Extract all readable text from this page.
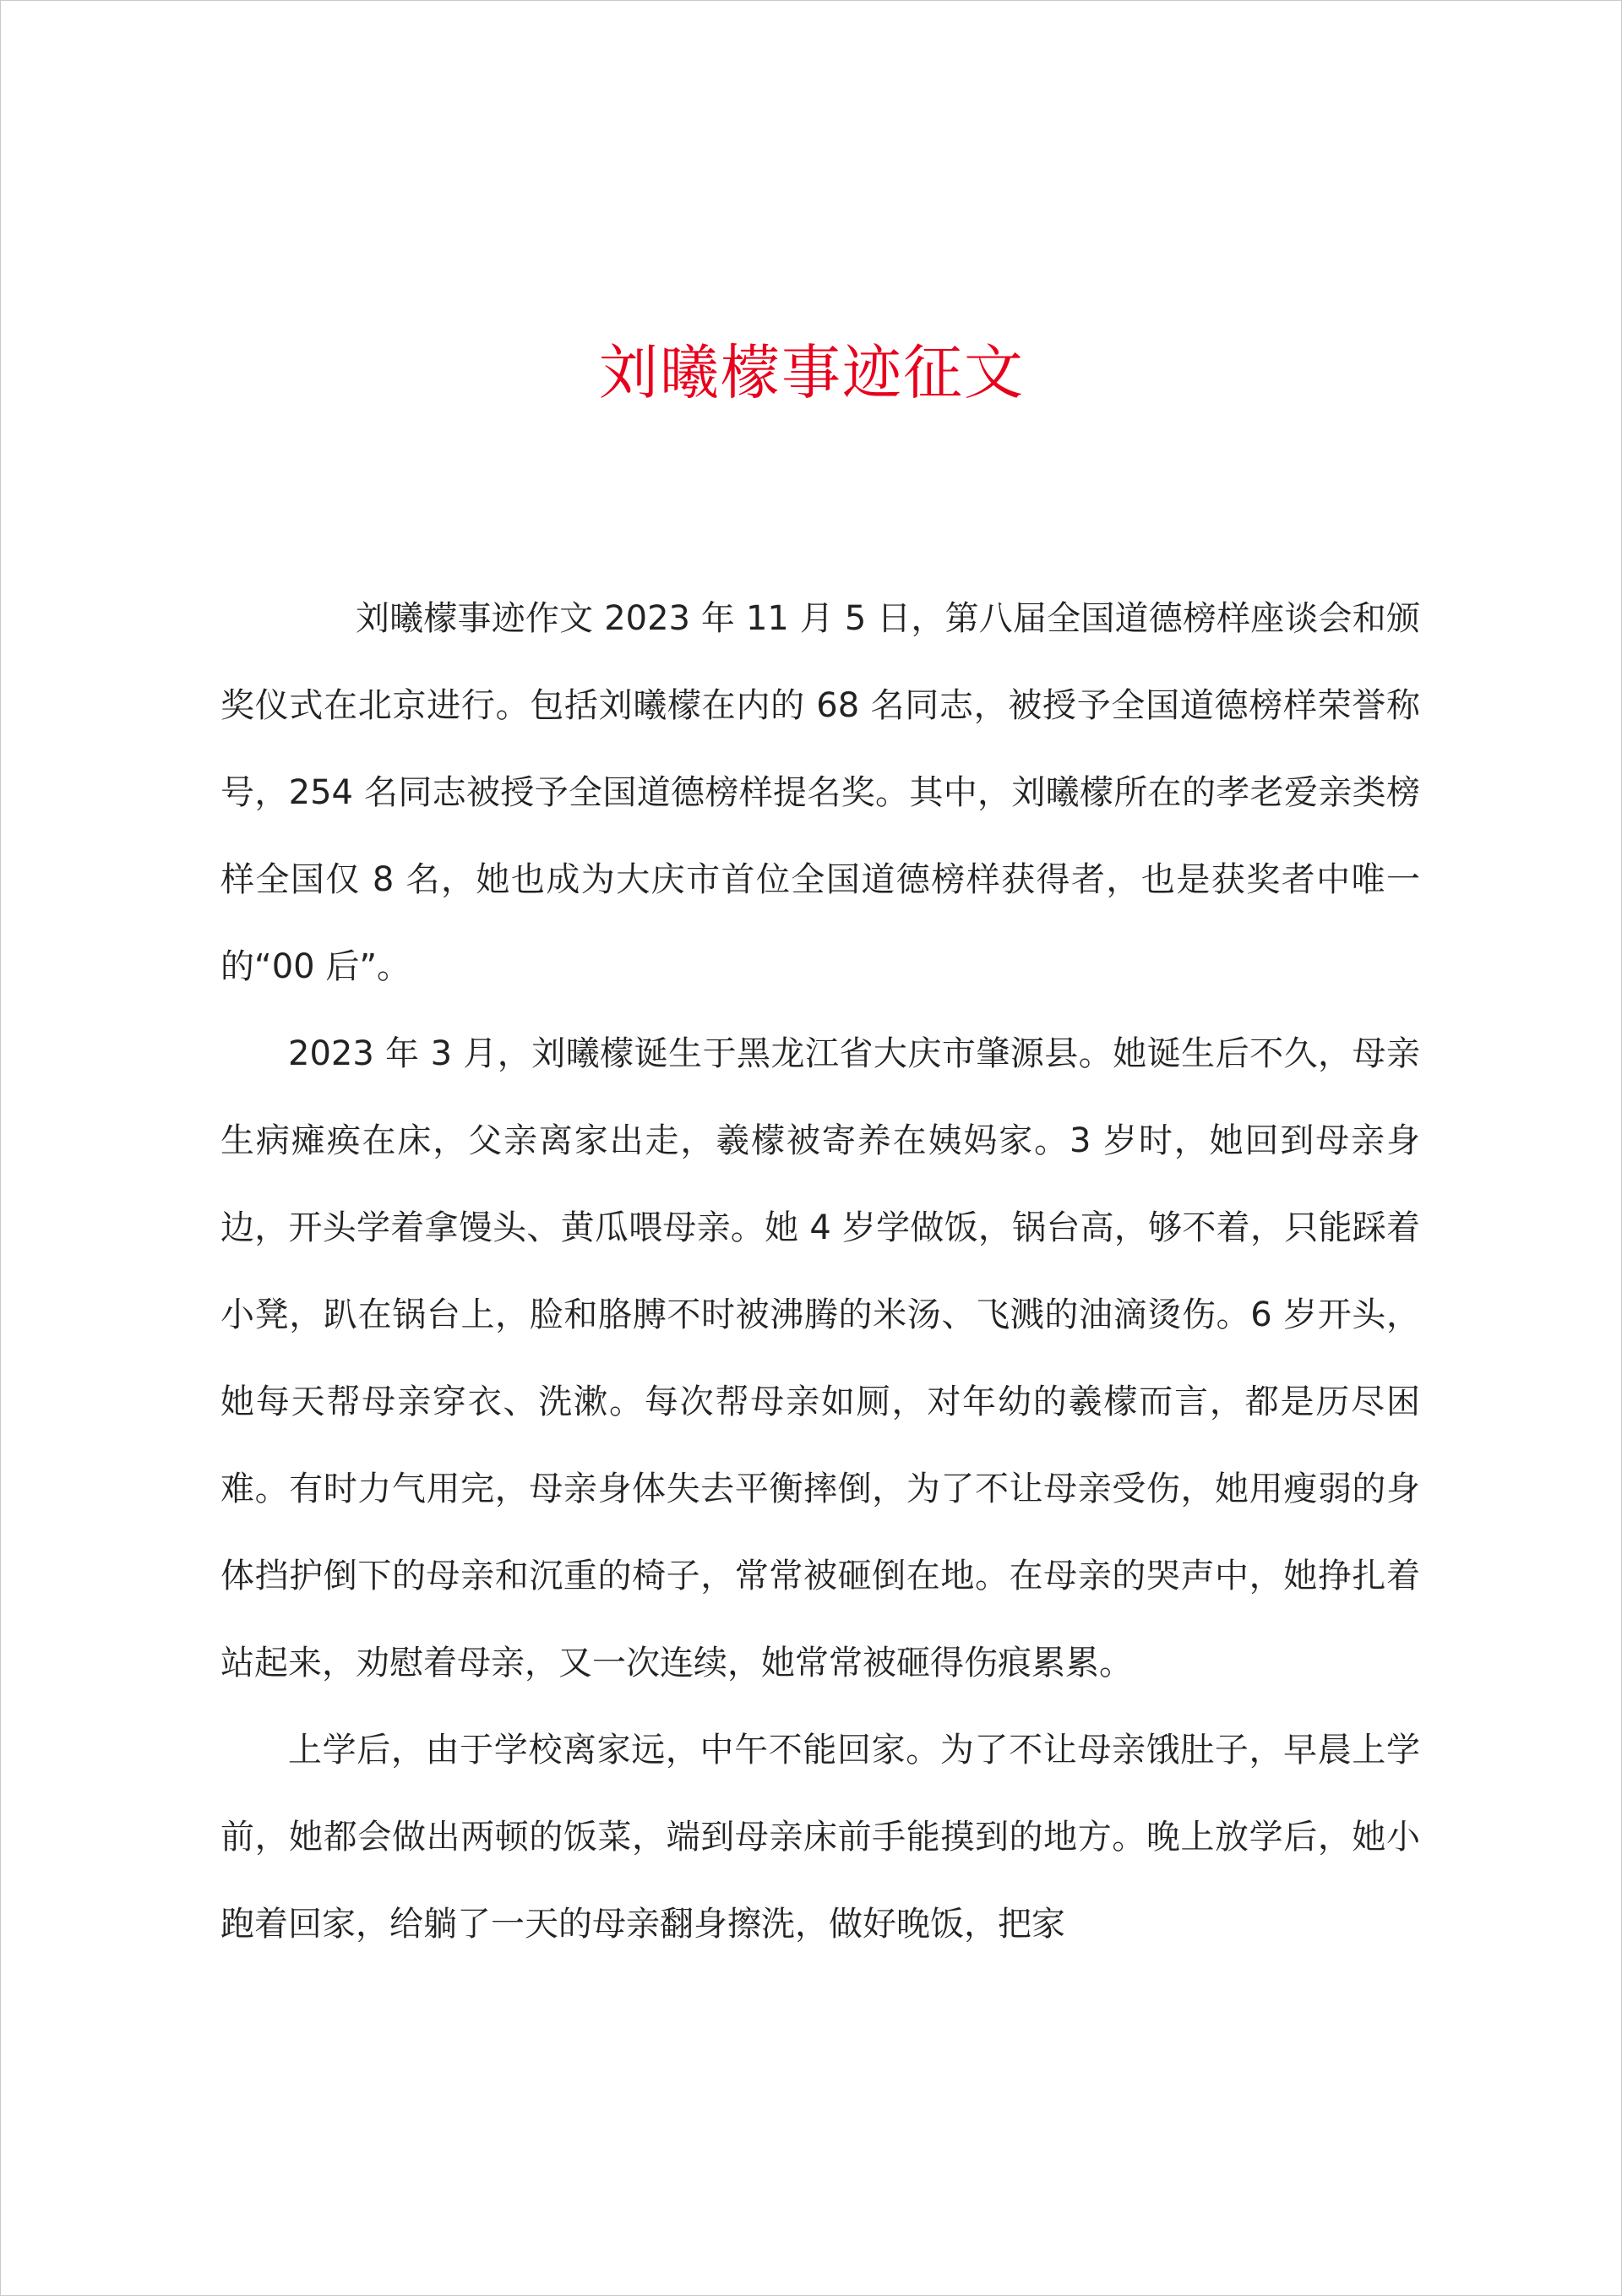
刘曦檬事迹征文

刘曦檬事迹作文 2023 年 11 月 5 日，第八届全国道德榜样座谈会和颁奖仪式在北京进行。包括刘曦檬在内的 68 名同志，被授予全国道德榜样荣誉称号，254 名同志被授予全国道德榜样提名奖。其中，刘曦檬所在的孝老爱亲类榜样全国仅 8 名，她也成为大庆市首位全国道德榜样获得者，也是获奖者中唯一的“00 后”。

2023 年 3 月，刘曦檬诞生于黑龙江省大庆市肇源县。她诞生后不久，母亲生病瘫痪在床，父亲离家出走，羲檬被寄养在姨妈家。3 岁时，她回到母亲身边，开头学着拿馒头、黄瓜喂母亲。她 4 岁学做饭，锅台高，够不着，只能踩着小凳，趴在锅台上，脸和胳膊不时被沸腾的米汤、飞溅的油滴烫伤。6 岁开头，她每天帮母亲穿衣、洗漱。每次帮母亲如厕，对年幼的羲檬而言，都是历尽困难。有时力气用完，母亲身体失去平衡摔倒，为了不让母亲受伤，她用瘦弱的身体挡护倒下的母亲和沉重的椅子，常常被砸倒在地。在母亲的哭声中，她挣扎着站起来，劝慰着母亲，又一次连续，她常常被砸得伤痕累累。

上学后，由于学校离家远，中午不能回家。为了不让母亲饿肚子，早晨上学前，她都会做出两顿的饭菜，端到母亲床前手能摸到的地方。晚上放学后，她小跑着回家，给躺了一天的母亲翻身擦洗，做好晚饭，把家
